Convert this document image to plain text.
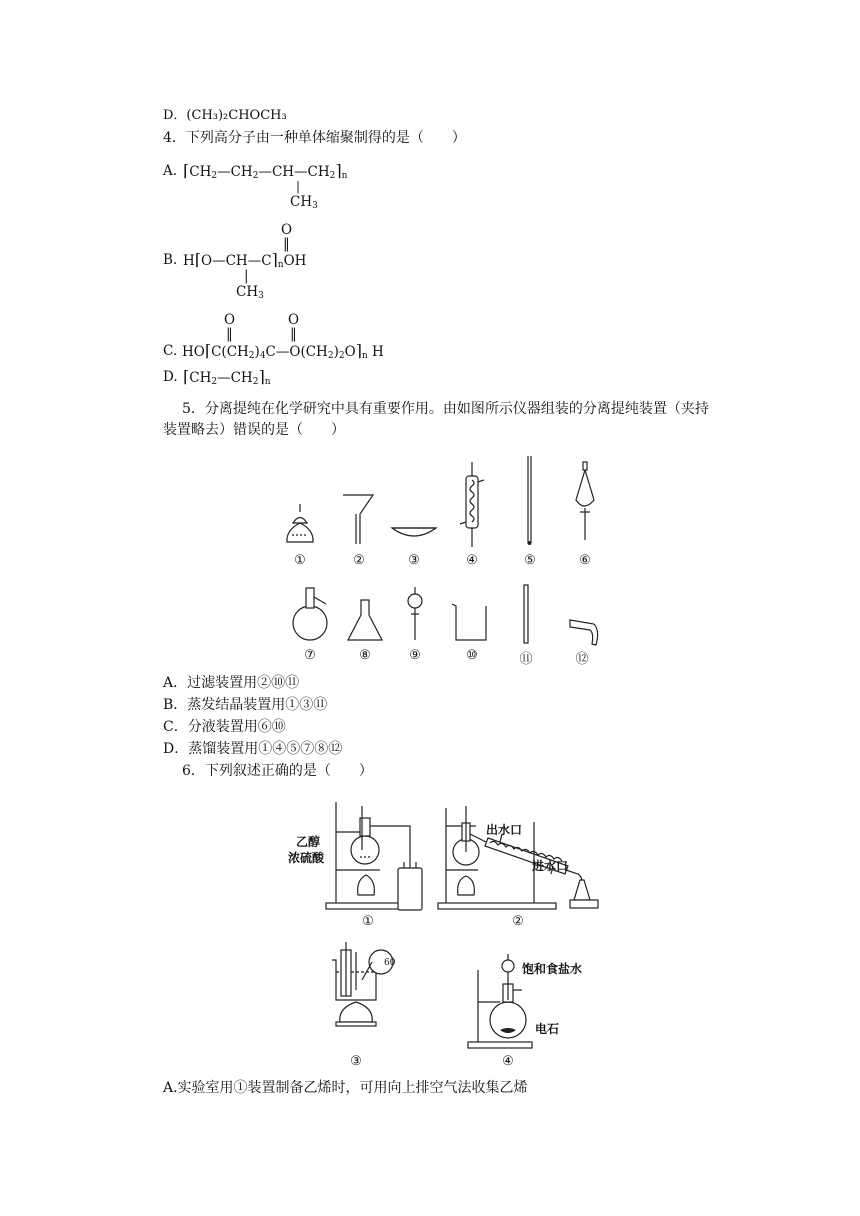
D．(CH₃)₂CHOCH₃
4．下列高分子由一种单体缩聚制得的是（　　）
A. $⌈CH_2—CH_2—CH—CH_2⌉_n$
|
$CH_3$
O
‖
B. $H⌈O—CH—C⌉_nOH$
|
$CH_3$
O
‖
O
‖
C. $HO⌈C(CH_2)_4C—O(CH_2)_2O⌉_n$ H
D. $⌈CH_2—CH_2⌉_n$
5．分离提纯在化学研究中具有重要作用。由如图所示仪器组装的分离提纯装置（夹持
装置略去）错误的是（　　）
①	②	③	④	⑤	⑥
⑦	⑧	⑨	⑩	⑪	⑫
A．过滤装置用②⑩⑪
B．蒸发结晶装置用①③⑪
C．分液装置用⑥⑩
D．蒸馏装置用①④⑤⑦⑧⑫
6．下列叙述正确的是（　　）
乙醇
浓硫酸
出水口
进水口
饱和食盐水
电石
60
①	②
③	④
A.实验室用①装置制备乙烯时，可用向上排空气法收集乙烯
